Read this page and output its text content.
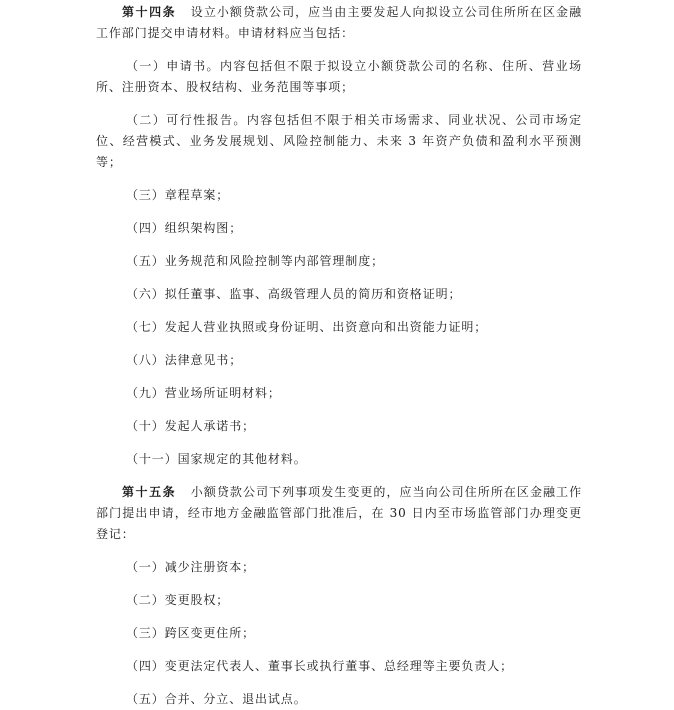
第十四条 设立小额贷款公司，应当由主要发起人向拟设立公司住所所在区金融工作部门提交申请材料。申请材料应当包括：

（一）申请书。内容包括但不限于拟设立小额贷款公司的名称、住所、营业场所、注册资本、股权结构、业务范围等事项；

（二）可行性报告。内容包括但不限于相关市场需求、同业状况、公司市场定位、经营模式、业务发展规划、风险控制能力、未来 3 年资产负债和盈利水平预测等；

（三）章程草案；

（四）组织架构图；

（五）业务规范和风险控制等内部管理制度；

（六）拟任董事、监事、高级管理人员的简历和资格证明；

（七）发起人营业执照或身份证明、出资意向和出资能力证明；

（八）法律意见书；

（九）营业场所证明材料；

（十）发起人承诺书；

（十一）国家规定的其他材料。

第十五条 小额贷款公司下列事项发生变更的，应当向公司住所所在区金融工作部门提出申请，经市地方金融监管部门批准后，在 30 日内至市场监管部门办理变更登记：

（一）减少注册资本；

（二）变更股权；

（三）跨区变更住所；

（四）变更法定代表人、董事长或执行董事、总经理等主要负责人；

（五）合并、分立、退出试点。
